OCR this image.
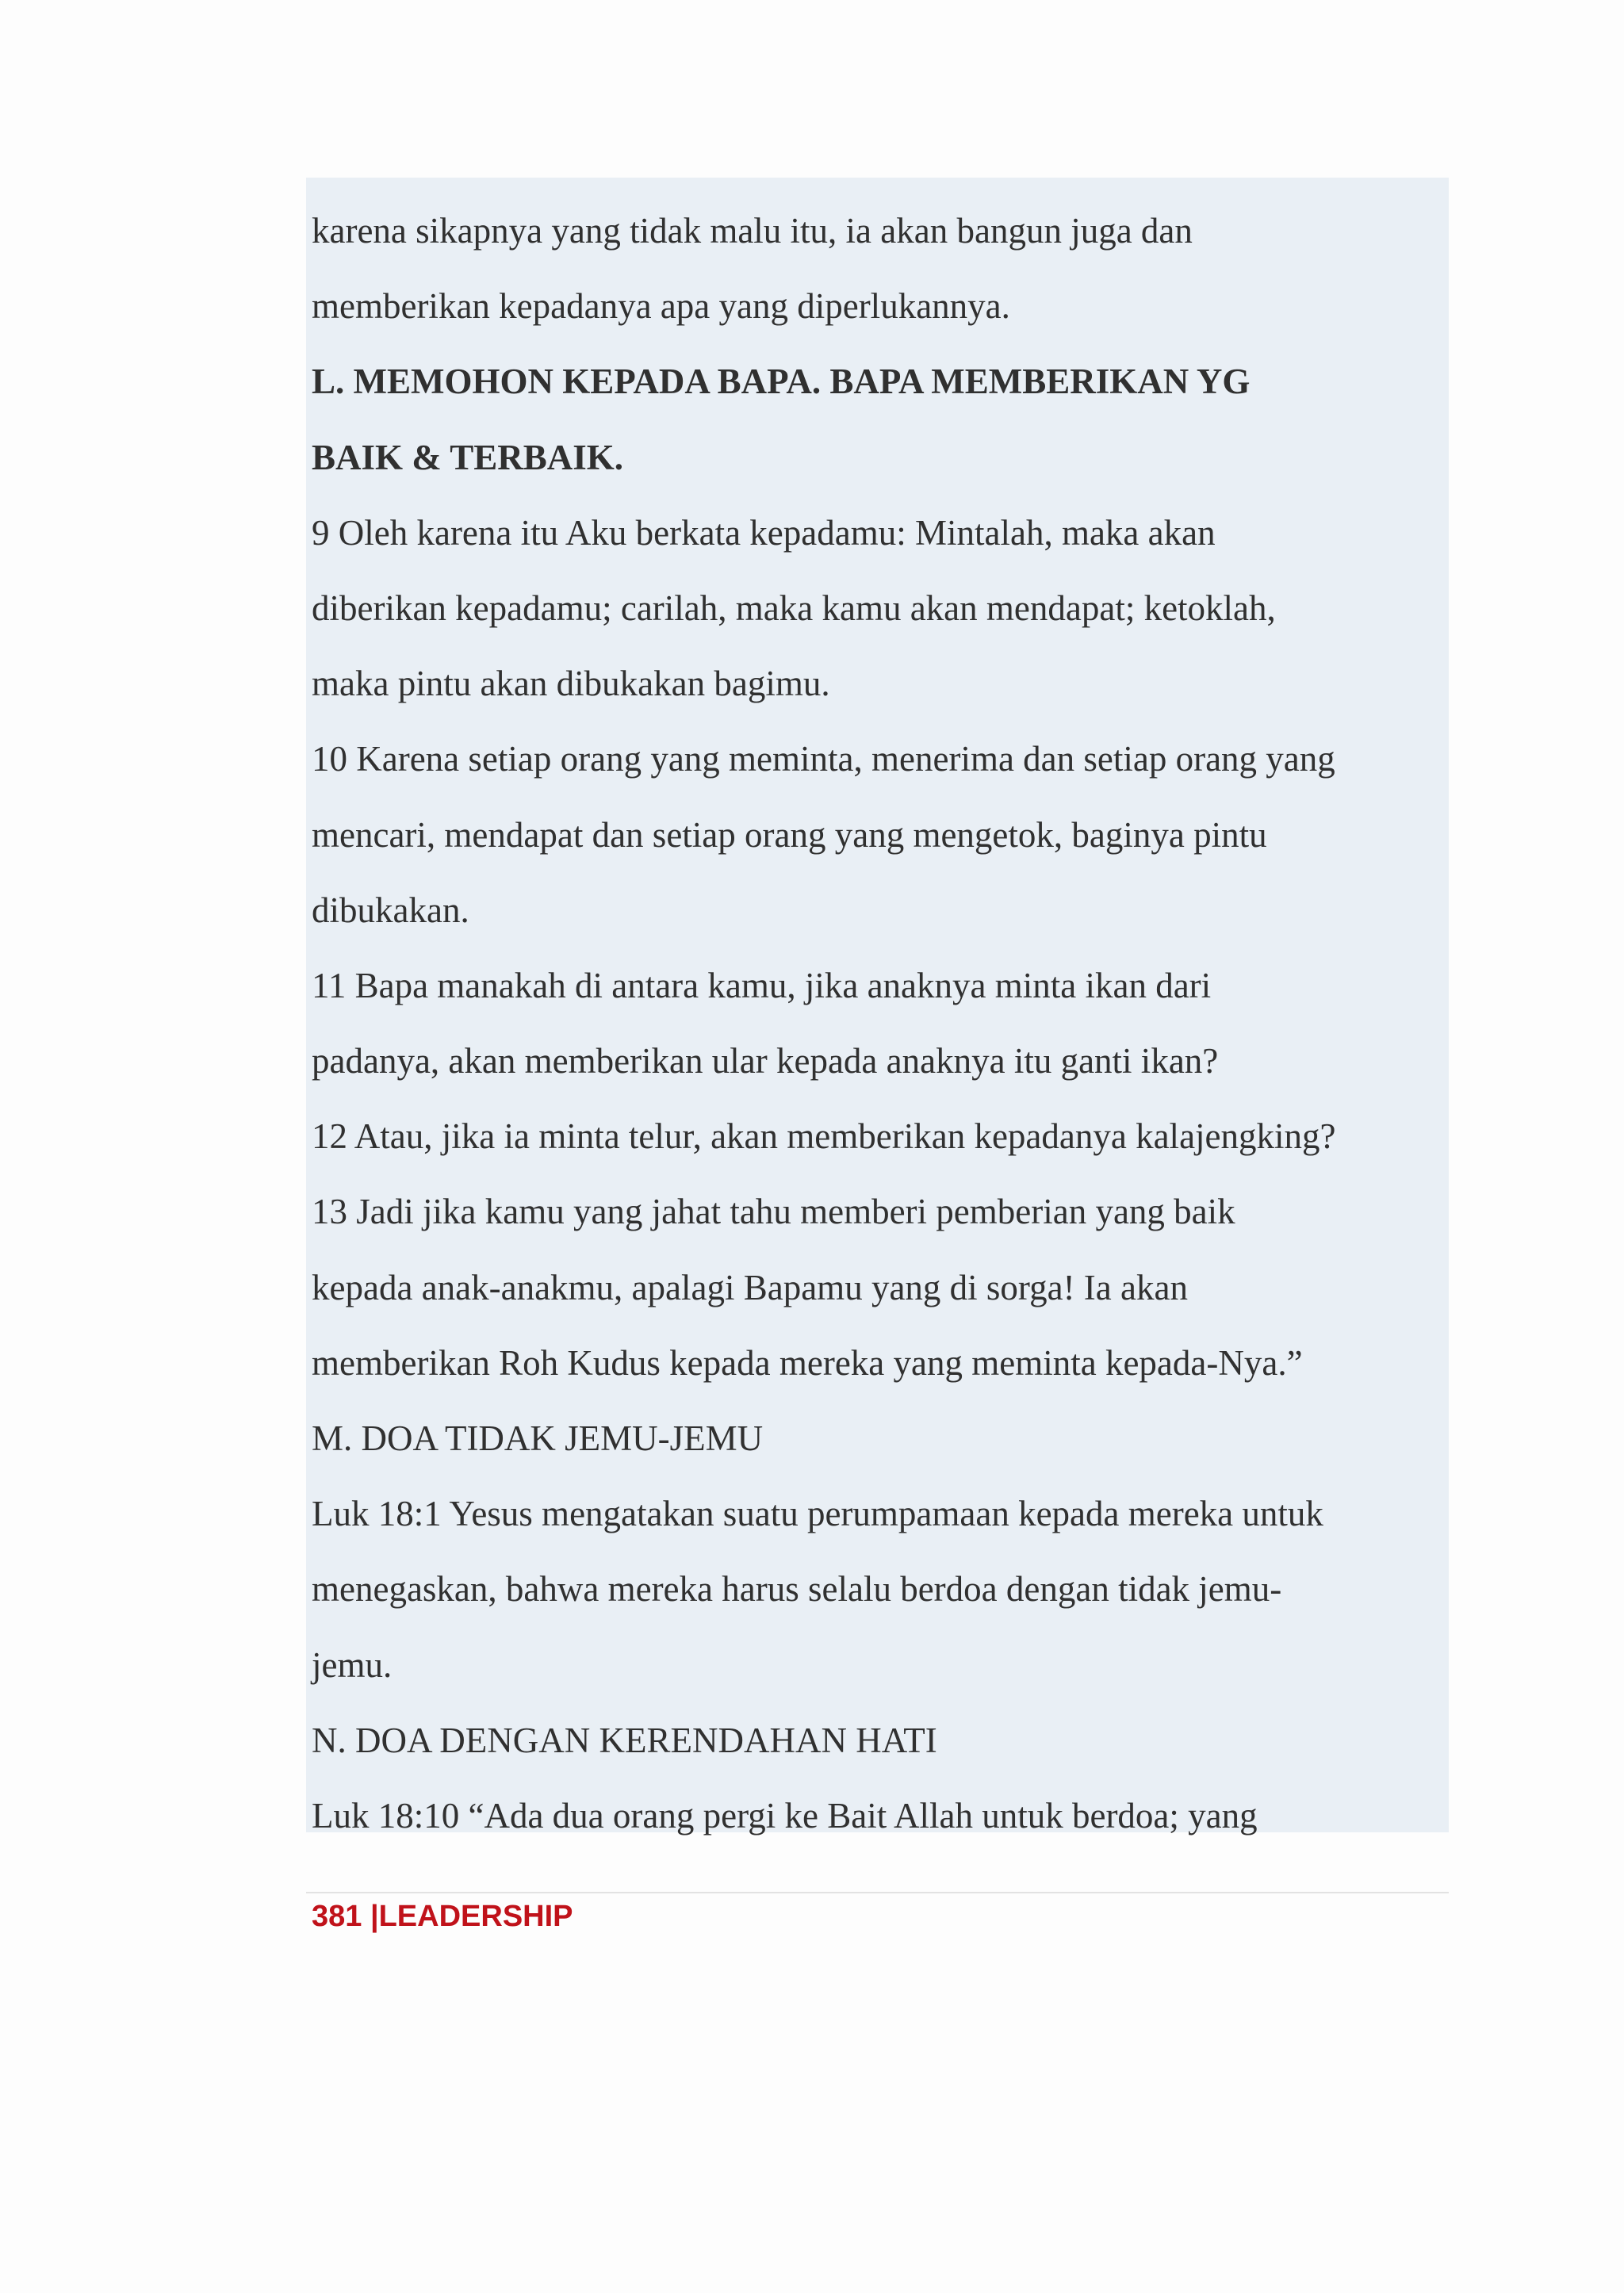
karena sikapnya yang tidak malu itu, ia akan bangun juga dan
memberikan kepadanya apa yang diperlukannya.
L. MEMOHON KEPADA BAPA. BAPA MEMBERIKAN YG
BAIK & TERBAIK.
9 Oleh karena itu Aku berkata kepadamu: Mintalah, maka akan
diberikan kepadamu; carilah, maka kamu akan mendapat; ketoklah,
maka pintu akan dibukakan bagimu.
10 Karena setiap orang yang meminta, menerima dan setiap orang yang
mencari, mendapat dan setiap orang yang mengetok, baginya pintu
dibukakan.
11 Bapa manakah di antara kamu, jika anaknya minta ikan dari
padanya, akan memberikan ular kepada anaknya itu ganti ikan?
12 Atau, jika ia minta telur, akan memberikan kepadanya kalajengking?
13 Jadi jika kamu yang jahat tahu memberi pemberian yang baik
kepada anak-anakmu, apalagi Bapamu yang di sorga! Ia akan
memberikan Roh Kudus kepada mereka yang meminta kepada-Nya.”
M. DOA TIDAK JEMU-JEMU
Luk 18:1 Yesus mengatakan suatu perumpamaan kepada mereka untuk
menegaskan, bahwa mereka harus selalu berdoa dengan tidak jemu-
jemu.
N. DOA DENGAN KERENDAHAN HATI
Luk 18:10 “Ada dua orang pergi ke Bait Allah untuk berdoa; yang
381 |LEADERSHIP
